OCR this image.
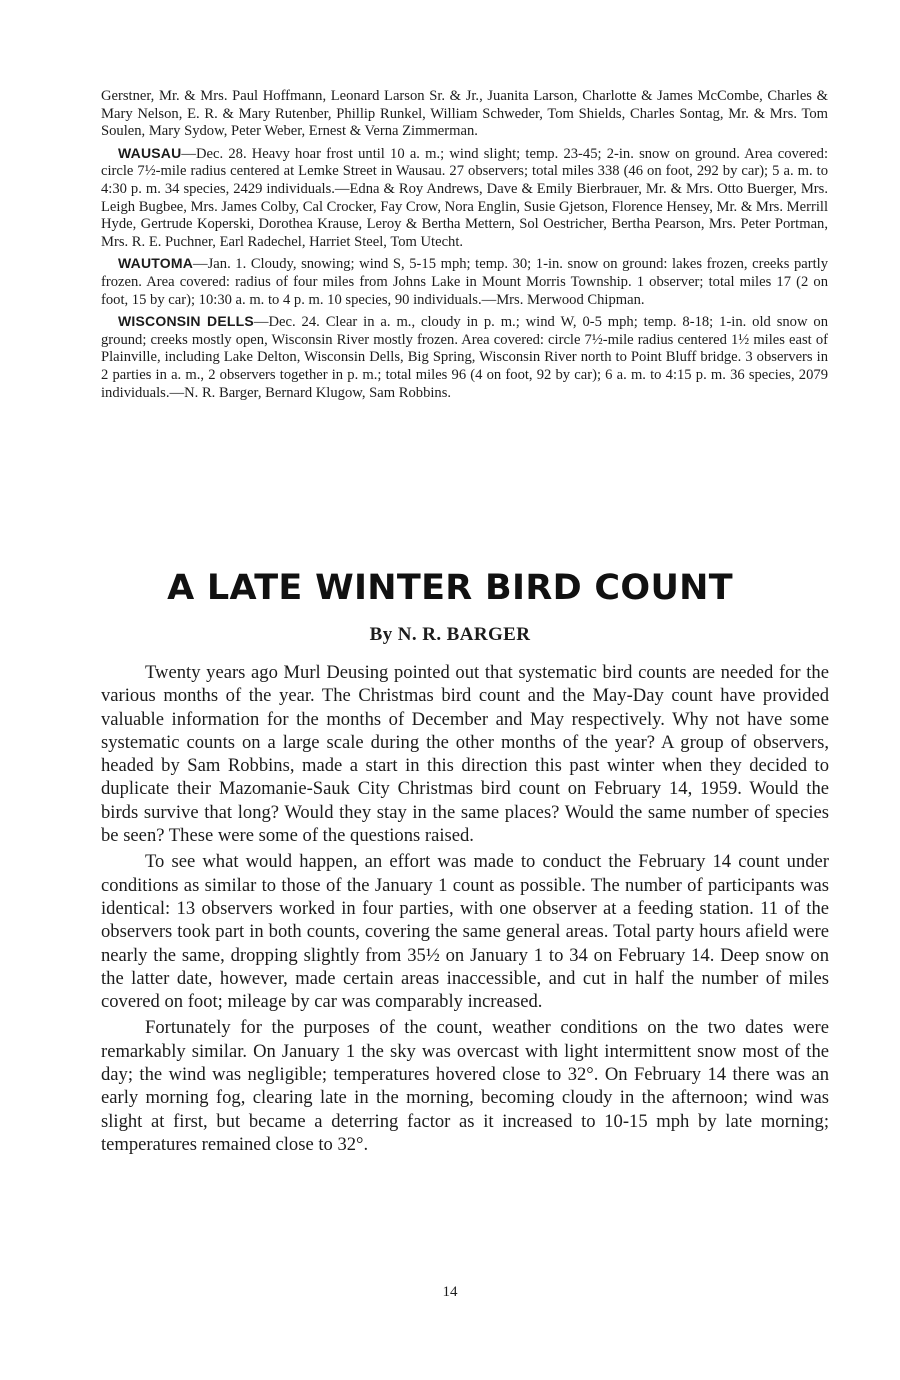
Gerstner, Mr. & Mrs. Paul Hoffmann, Leonard Larson Sr. & Jr., Juanita Larson, Charlotte & James McCombe, Charles & Mary Nelson, E. R. & Mary Rutenber, Phillip Runkel, William Schweder, Tom Shields, Charles Sontag, Mr. & Mrs. Tom Soulen, Mary Sydow, Peter Weber, Ernest & Verna Zimmerman.

WAUSAU—Dec. 28. Heavy hoar frost until 10 a. m.; wind slight; temp. 23-45; 2-in. snow on ground. Area covered: circle 7½-mile radius centered at Lemke Street in Wausau. 27 observers; total miles 338 (46 on foot, 292 by car); 5 a. m. to 4:30 p. m. 34 species, 2429 individuals.—Edna & Roy Andrews, Dave & Emily Bierbrauer, Mr. & Mrs. Otto Buerger, Mrs. Leigh Bugbee, Mrs. James Colby, Cal Crocker, Fay Crow, Nora Englin, Susie Gjetson, Florence Hensey, Mr. & Mrs. Merrill Hyde, Gertrude Koperski, Dorothea Krause, Leroy & Bertha Mettern, Sol Oestricher, Bertha Pearson, Mrs. Peter Portman, Mrs. R. E. Puchner, Earl Radechel, Harriet Steel, Tom Utecht.

WAUTOMA—Jan. 1. Cloudy, snowing; wind S, 5-15 mph; temp. 30; 1-in. snow on ground: lakes frozen, creeks partly frozen. Area covered: radius of four miles from Johns Lake in Mount Morris Township. 1 observer; total miles 17 (2 on foot, 15 by car); 10:30 a. m. to 4 p. m. 10 species, 90 individuals.—Mrs. Merwood Chipman.

WISCONSIN DELLS—Dec. 24. Clear in a. m., cloudy in p. m.; wind W, 0-5 mph; temp. 8-18; 1-in. old snow on ground; creeks mostly open, Wisconsin River mostly frozen. Area covered: circle 7½-mile radius centered 1½ miles east of Plainville, including Lake Delton, Wisconsin Dells, Big Spring, Wisconsin River north to Point Bluff bridge. 3 observers in 2 parties in a. m., 2 observers together in p. m.; total miles 96 (4 on foot, 92 by car); 6 a. m. to 4:15 p. m. 36 species, 2079 individuals.—N. R. Barger, Bernard Klugow, Sam Robbins.

A LATE WINTER BIRD COUNT
By N. R. BARGER

Twenty years ago Murl Deusing pointed out that systematic bird counts are needed for the various months of the year. The Christmas bird count and the May-Day count have provided valuable information for the months of December and May respectively. Why not have some systematic counts on a large scale during the other months of the year? A group of observers, headed by Sam Robbins, made a start in this direction this past winter when they decided to duplicate their Mazomanie-Sauk City Christmas bird count on February 14, 1959. Would the birds survive that long? Would they stay in the same places? Would the same number of species be seen? These were some of the questions raised.

To see what would happen, an effort was made to conduct the February 14 count under conditions as similar to those of the January 1 count as possible. The number of participants was identical: 13 observers worked in four parties, with one observer at a feeding station. 11 of the observers took part in both counts, covering the same general areas. Total party hours afield were nearly the same, dropping slightly from 35½ on January 1 to 34 on February 14. Deep snow on the latter date, however, made certain areas inaccessible, and cut in half the number of miles covered on foot; mileage by car was comparably increased.

Fortunately for the purposes of the count, weather conditions on the two dates were remarkably similar. On January 1 the sky was overcast with light intermittent snow most of the day; the wind was negligible; temperatures hovered close to 32°. On February 14 there was an early morning fog, clearing late in the morning, becoming cloudy in the afternoon; wind was slight at first, but became a deterring factor as it increased to 10-15 mph by late morning; temperatures remained close to 32°.

14
